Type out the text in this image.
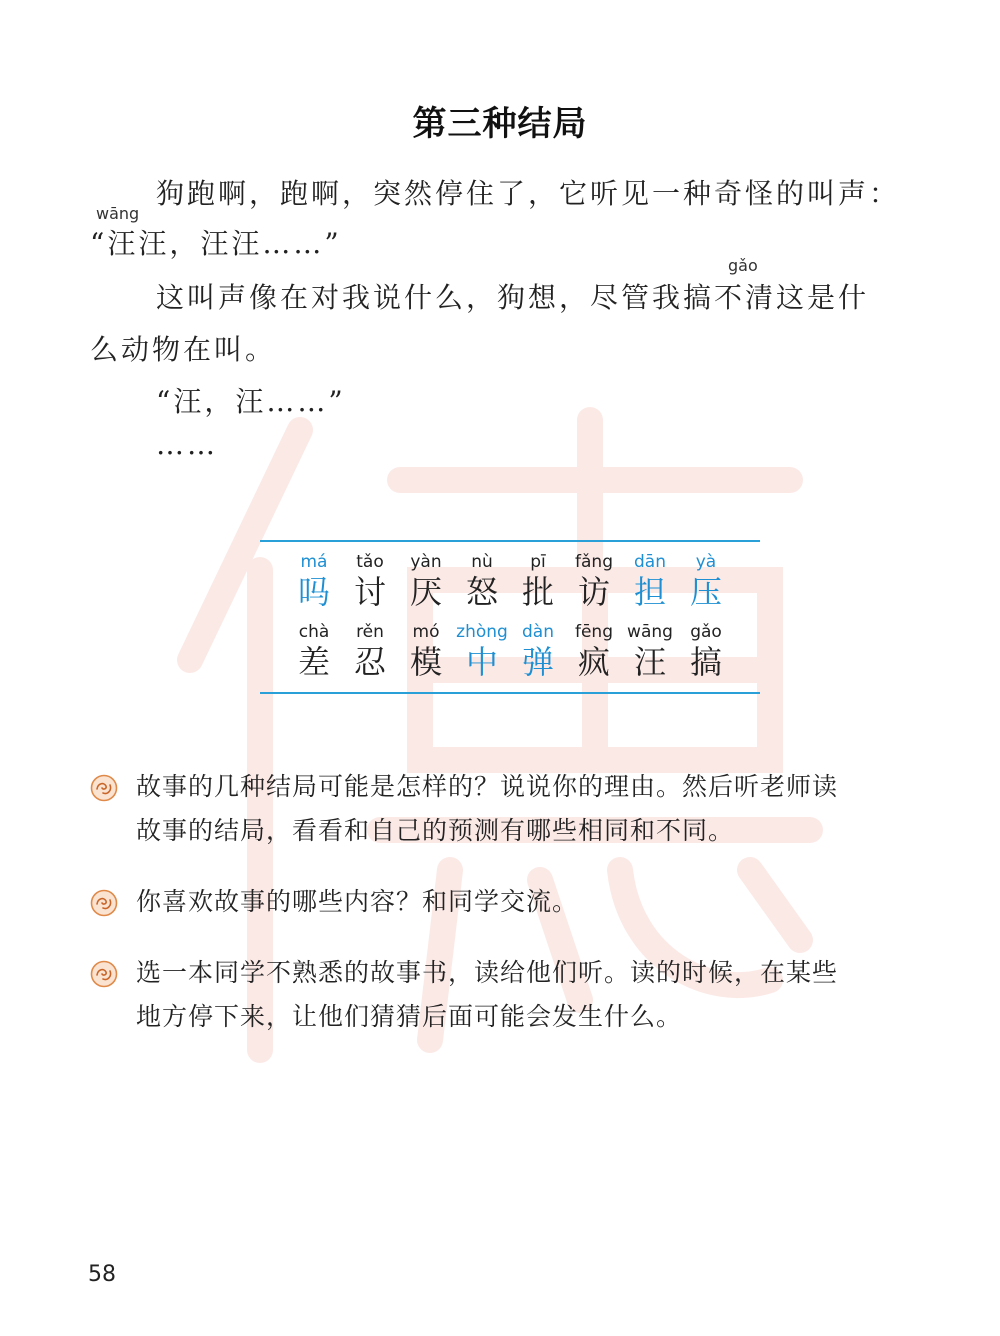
第三种结局
狗跑啊，跑啊，突然停住了，它听见一种奇怪的叫声：
wāng
“汪汪，汪汪……”
gǎo
这叫声像在对我说什么，狗想，尽管我搞不清这是什
么动物在叫。
“汪，汪……”
……
má
吗
tǎo
讨
yàn
厌
nù
怒
pī
批
fǎng
访
dān
担
yà
压
chà
差
rěn
忍
mó
模
zhòng
中
dàn
弹
fēng
疯
wāng
汪
gǎo
搞
故事的几种结局可能是怎样的？说说你的理由。然后听老师读
故事的结局，看看和自己的预测有哪些相同和不同。
你喜欢故事的哪些内容？和同学交流。
选一本同学不熟悉的故事书，读给他们听。读的时候，在某些
地方停下来，让他们猜猜后面可能会发生什么。
58
